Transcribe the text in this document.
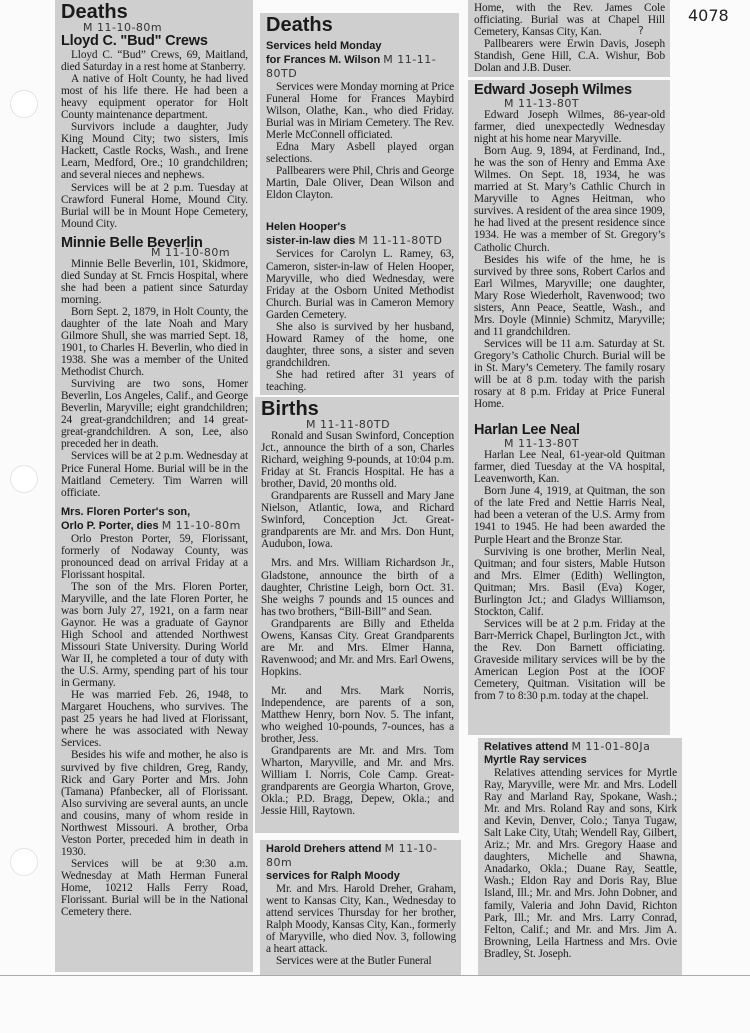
4078
Deaths
M 11-10-80m
Lloyd C. "Bud" Crews

Lloyd C. “Bud” Crews, 69, Maitland, died Saturday in a rest home at Stanberry.

A native of Holt County, he had lived most of his life there. He had been a heavy equipment operator for Holt County maintenance department.

Survivors include a daughter, Judy King Mound City; two sisters, Imis Hackett, Castle Rocks, Wash., and Irene Learn, Medford, Ore.; 10 grandchildren; and several nieces and nephews.

Services will be at 2 p.m. Tuesday at Crawford Funeral Home, Mound City. Burial will be in Mount Hope Cemetery, Mound City.

Minnie Belle Beverlin
M 11-10-80m

Minnie Belle Beverlin, 101, Skidmore, died Sunday at St. Frncis Hospital, where she had been a patient since Saturday morning.

Born Sept. 2, 1879, in Holt County, the daughter of the late Noah and Mary Gilmore Shull, she was married Sept. 18, 1901, to Charles H. Beverlin, who died in 1938. She was a member of the United Methodist Church.

Surviving are two sons, Homer Beverlin, Los Angeles, Calif., and George Beverlin, Maryville; eight grandchildren; 24 great-grandchildren; and 14 great-great-grandchildren. A son, Lee, also preceded her in death.

Services will be at 2 p.m. Wednesday at Price Funeral Home. Burial will be in the Maitland Cemetery. Tim Warren will officiate.

Mrs. Floren Porter's son,
Orlo P. Porter, dies M 11-10-80m

Orlo Preston Porter, 59, Florissant, formerly of Nodaway County, was pronounced dead on arrival Friday at a Florissant hospital.

The son of the Mrs. Floren Porter, Maryville, and the late Floren Porter, he was born July 27, 1921, on a farm near Gaynor. He was a graduate of Gaynor High School and attended Northwest Missouri State University. During World War II, he completed a tour of duty with the U.S. Army, spending part of his tour in Germany.

He was married Feb. 26, 1948, to Margaret Houchens, who survives. The past 25 years he had lived at Florissant, where he was associated with Neway Services.

Besides his wife and mother, he also is survived by five children, Greg, Randy, Rick and Gary Porter and Mrs. John (Tamana) Pfanbecker, all of Florissant. Also surviving are several aunts, an uncle and cousins, many of whom reside in Northwest Missouri. A brother, Orba Veston Porter, preceded him in death in 1930.

Services will be at 9:30 a.m. Wednesday at Math Herman Funeral Home, 10212 Halls Ferry Road, Florissant. Burial will be in the National Cemetery there.

Deaths
Services held Monday
for Frances M. Wilson M 11-11-80TD

Services were Monday morning at Price Funeral Home for Frances Maybird Wilson, Olathe, Kan., who died Friday. Burial was in Miriam Cemetery. The Rev. Merle McConnell officiated.

Edna Mary Asbell played organ selections.

Pallbearers were Phil, Chris and George Martin, Dale Oliver, Dean Wilson and Eldon Clayton.

Helen Hooper's
sister-in-law dies M 11-11-80TD

Services for Carolyn L. Ramey, 63, Cameron, sister-in-law of Helen Hooper, Maryville, who died Wednesday, were Friday at the Osborn United Methodist Church. Burial was in Cameron Memory Garden Cemetery.

She also is survived by her husband, Howard Ramey of the home, one daughter, three sons, a sister and seven grandchildren.

She had retired after 31 years of teaching.

Births
M 11-11-80TD

Ronald and Susan Swinford, Conception Jct., announce the birth of a son, Charles Richard, weighing 9-pounds, at 10:04 p.m. Friday at St. Francis Hospital. He has a brother, David, 20 months old.

Grandparents are Russell and Mary Jane Nielson, Atlantic, Iowa, and Richard Swinford, Conception Jct. Great-grandparents are Mr. and Mrs. Don Hunt, Audubon, Iowa.

Mrs. and Mrs. William Richardson Jr., Gladstone, announce the birth of a daughter, Christine Leigh, born Oct. 31. She weighs 7 pounds and 15 ounces and has two brothers, “Bill-Bill” and Sean.

Grandparents are Billy and Ethelda Owens, Kansas City. Great Grandparents are Mr. and Mrs. Elmer Hanna, Ravenwood; and Mr. and Mrs. Earl Owens, Hopkins.

Mr. and Mrs. Mark Norris, Independence, are parents of a son, Matthew Henry, born Nov. 5. The infant, who weighed 10-pounds, 7-ounces, has a brother, Jess.

Grandparents are Mr. and Mrs. Tom Wharton, Maryville, and Mr. and Mrs. William I. Norris, Cole Camp. Great-grandparents are Georgia Wharton, Grove, Okla.; P.D. Bragg, Depew, Okla.; and Jessie Hill, Raytown.

Harold Drehers attend M 11-10-80m
services for Ralph Moody

Mr. and Mrs. Harold Dreher, Graham, went to Kansas City, Kan., Wednesday to attend services Thursday for her brother, Ralph Moody, Kansas City, Kan., formerly of Maryville, who died Nov. 3, following a heart attack.

Services were at the Butler Funeral

Home, with the Rev. James Cole officiating. Burial was at Chapel Hill Cemetery, Kansas City, Kan.

Pallbearers were Erwin Davis, Joseph Standish, Gene Hill, C.A. Wishur, Bob Dolan and J.B. Duser.

?
Edward Joseph Wilmes
M 11-13-80T

Edward Joseph Wilmes, 86-year-old farmer, died unexpectedly Wednesday night at his home near Maryville.

Born Aug. 9, 1894, at Ferdinand, Ind., he was the son of Henry and Emma Axe Wilmes. On Sept. 18, 1934, he was married at St. Mary’s Cathlic Church in Maryville to Agnes Heitman, who survives. A resident of the area since 1909, he had lived at the present residence since 1934. He was a member of St. Gregory’s Catholic Church.

Besides his wife of the hme, he is survived by three sons, Robert Carlos and Earl Wilmes, Maryville; one daughter, Mary Rose Wiederholt, Ravenwood; two sisters, Ann Peace, Seattle, Wash., and Mrs. Doyle (Minnie) Schmitz, Maryville; and 11 grandchildren.

Services will be 11 a.m. Saturday at St. Gregory’s Catholic Church. Burial will be in St. Mary’s Cemetery. The family rosary will be at 8 p.m. today with the parish rosary at 8 p.m. Friday at Price Funeral Home.

Harlan Lee Neal
M 11-13-80T

Harlan Lee Neal, 61-year-old Quitman farmer, died Tuesday at the VA hospital, Leavenworth, Kan.

Born June 4, 1919, at Quitman, the son of the late Fred and Nettie Harris Neal, had been a veteran of the U.S. Army from 1941 to 1945. He had been awarded the Purple Heart and the Bronze Star.

Surviving is one brother, Merlin Neal, Quitman; and four sisters, Mable Hutson and Mrs. Elmer (Edith) Wellington, Quitman; Mrs. Basil (Eva) Koger, Burlington Jct.; and Gladys Williamson, Stockton, Calif.

Services will be at 2 p.m. Friday at the Barr-Merrick Chapel, Burlington Jct., with the Rev. Don Barnett officiating. Graveside military services will be by the American Legion Post at the IOOF Cemetery, Quitman. Visitation will be from 7 to 8:30 p.m. today at the chapel.

Relatives attend M 11-01-80Ja
Myrtle Ray services

Relatives attending services for Myrtle Ray, Maryville, were Mr. and Mrs. Lodell Ray and Marland Ray, Spokane, Wash.; Mr. and Mrs. Roland Ray and sons, Kirk and Kevin, Denver, Colo.; Tanya Tugaw, Salt Lake City, Utah; Wendell Ray, Gilbert, Ariz.; Mr. and Mrs. Gregory Haase and daughters, Michelle and Shawna, Anadarko, Okla.; Duane Ray, Seattle, Wash.; Eldon Ray and Doris Ray, Blue Island, Ill.; Mr. and Mrs. John Dobner, and family, Valeria and John David, Richton Park, Ill.; Mr. and Mrs. Larry Conrad, Felton, Calif.; and Mr. and Mrs. Jim A. Browning, Leila Hartness and Mrs. Ovie Bradley, St. Joseph.
